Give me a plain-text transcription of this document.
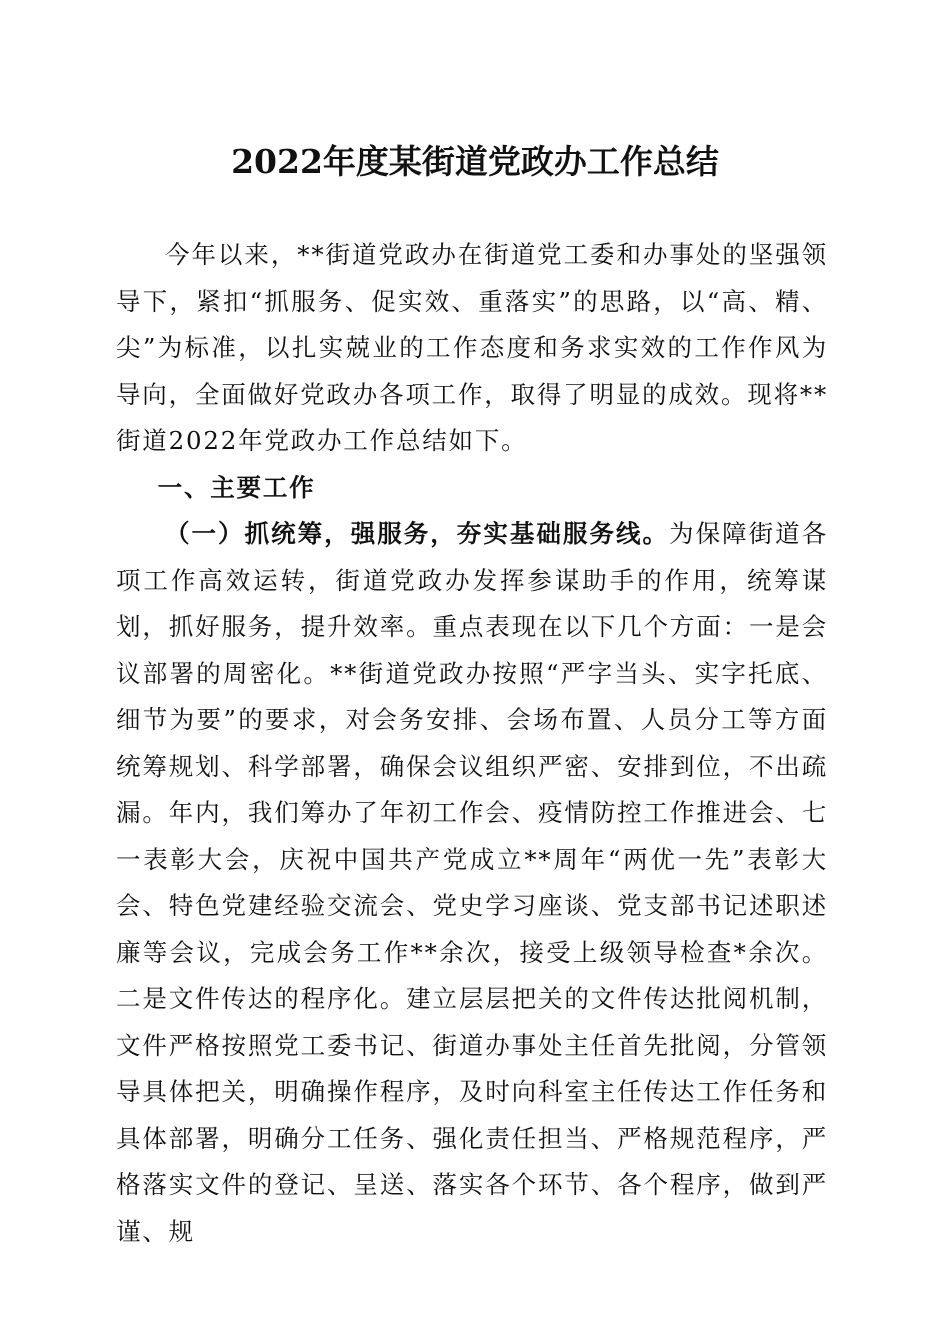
2022年度某街道党政办工作总结

今年以来，**街道党政办在街道党工委和办事处的坚强领导下，紧扣“抓服务、促实效、重落实”的思路，以“高、精、尖”为标准，以扎实兢业的工作态度和务求实效的工作作风为导向，全面做好党政办各项工作，取得了明显的成效。现将**街道2022年党政办工作总结如下。

一、主要工作

（一）抓统筹，强服务，夯实基础服务线。为保障街道各项工作高效运转，街道党政办发挥参谋助手的作用，统筹谋划，抓好服务，提升效率。重点表现在以下几个方面：一是会议部署的周密化。**街道党政办按照“严字当头、实字托底、细节为要”的要求，对会务安排、会场布置、人员分工等方面统筹规划、科学部署，确保会议组织严密、安排到位，不出疏漏。年内，我们筹办了年初工作会、疫情防控工作推进会、七一表彰大会，庆祝中国共产党成立**周年“两优一先”表彰大会、特色党建经验交流会、党史学习座谈、党支部书记述职述廉等会议，完成会务工作**余次，接受上级领导检查*余次。二是文件传达的程序化。建立层层把关的文件传达批阅机制，文件严格按照党工委书记、街道办事处主任首先批阅，分管领导具体把关，明确操作程序，及时向科室主任传达工作任务和具体部署，明确分工任务、强化责任担当、严格规范程序，严格落实文件的登记、呈送、落实各个环节、各个程序，做到严谨、规
